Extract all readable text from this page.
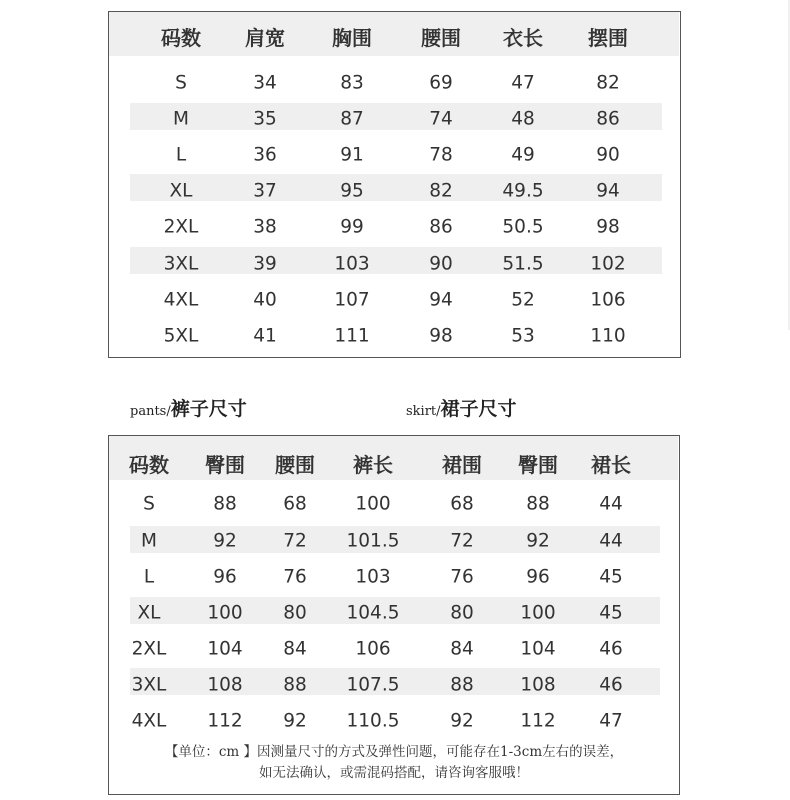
码数 肩宽 胸围 腰围 衣长 摆围
S	34	83	69	47	82
M	35	87	74	48	86
L	36	91	78	49	90
XL	37	95	82	49.5	94
2XL	38	99	86	50.5	98
3XL	39	103	90	51.5	102
4XL	40	107	94	52	106
5XL	41	111	98	53	110
pants/裤子尺寸	skirt/裙子尺寸
码数 臀围 腰围 裤长 裙围 臀围 裙长
S	88	68	100	68	88	44
M	92	72 101.5	72	92	44
L	96	76	103	76	96	45
XL	100 80 104.5	80	100 45
2XL 104 84	106	84	104 46
3XL 108 88 107.5	88	108 46
4XL 112 92 110.5	92	112 47
【单位：cm 】因测量尺寸的方式及弹性问题，可能存在1-3cm左右的误差，
如无法确认，或需混码搭配，请咨询客服哦！
